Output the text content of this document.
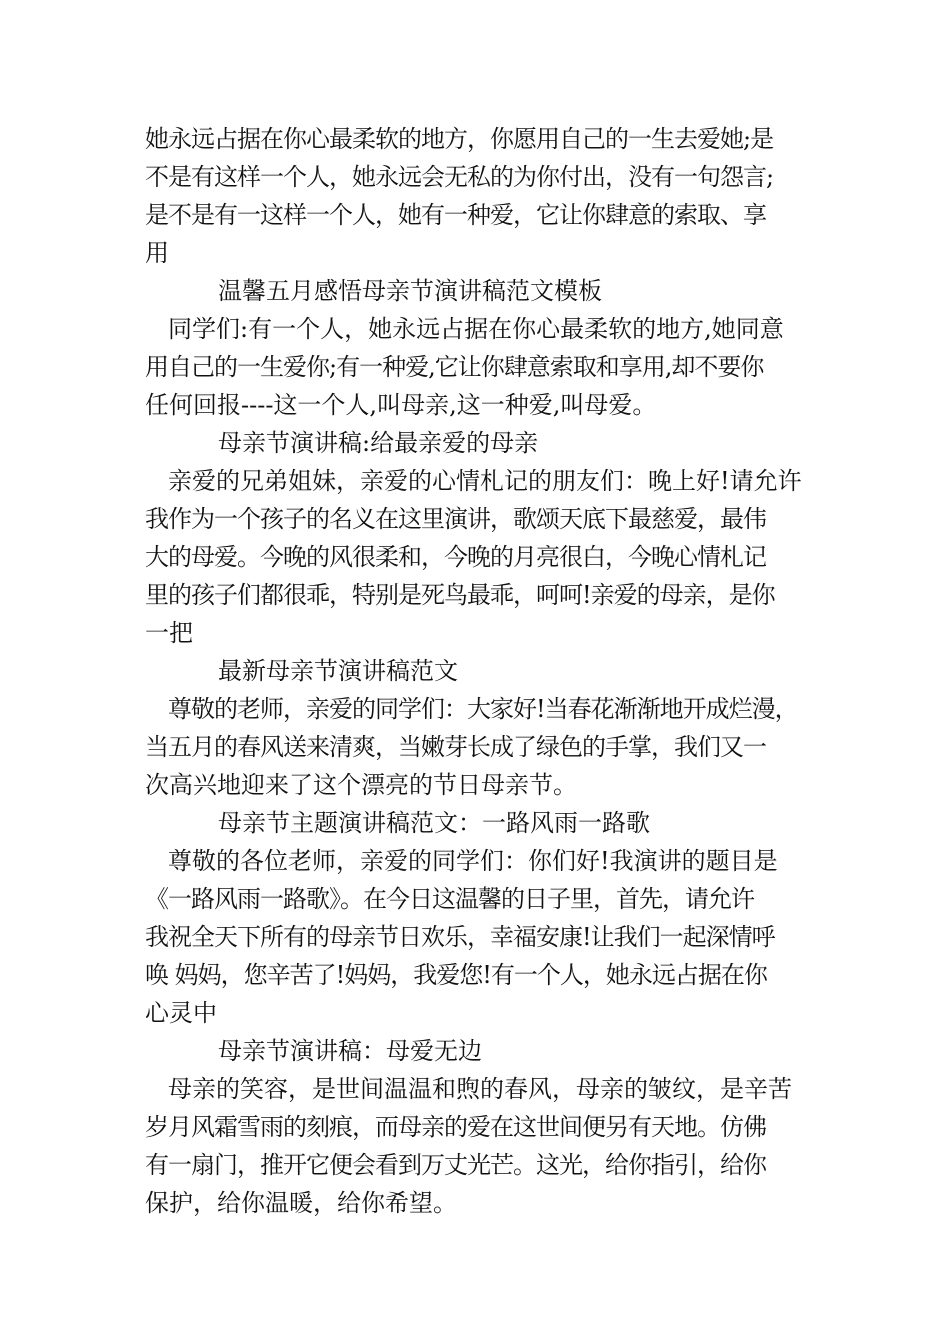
她永远占据在你心最柔软的地方，你愿用自己的一生去爱她;是
不是有这样一个人，她永远会无私的为你付出，没有一句怨言;
是不是有一这样一个人，她有一种爱，它让你肆意的索取、享
用
温馨五月感悟母亲节演讲稿范文模板
同学们:有一个人，她永远占据在你心最柔软的地方,她同意
用自己的一生爱你;有一种爱,它让你肆意索取和享用,却不要你
任何回报----这一个人,叫母亲,这一种爱,叫母爱。
母亲节演讲稿:给最亲爱的母亲
亲爱的兄弟姐妹，亲爱的心情札记的朋友们：晚上好!请允许
我作为一个孩子的名义在这里演讲，歌颂天底下最慈爱，最伟
大的母爱。今晚的风很柔和，今晚的月亮很白，今晚心情札记
里的孩子们都很乖，特别是死鸟最乖，呵呵!亲爱的母亲，是你
一把
最新母亲节演讲稿范文
尊敬的老师，亲爱的同学们：大家好!当春花渐渐地开成烂漫，
当五月的春风送来清爽，当嫩芽长成了绿色的手掌，我们又一
次高兴地迎来了这个漂亮的节日母亲节。
母亲节主题演讲稿范文：一路风雨一路歌
尊敬的各位老师，亲爱的同学们：你们好!我演讲的题目是
《一路风雨一路歌》。在今日这温馨的日子里，首先，请允许
我祝全天下所有的母亲节日欢乐，幸福安康!让我们一起深情呼
唤 妈妈，您辛苦了!妈妈，我爱您!有一个人，她永远占据在你
心灵中
母亲节演讲稿：母爱无边
母亲的笑容，是世间温温和煦的春风，母亲的皱纹，是辛苦
岁月风霜雪雨的刻痕，而母亲的爱在这世间便另有天地。仿佛
有一扇门，推开它便会看到万丈光芒。这光，给你指引，给你
保护，给你温暖，给你希望。
